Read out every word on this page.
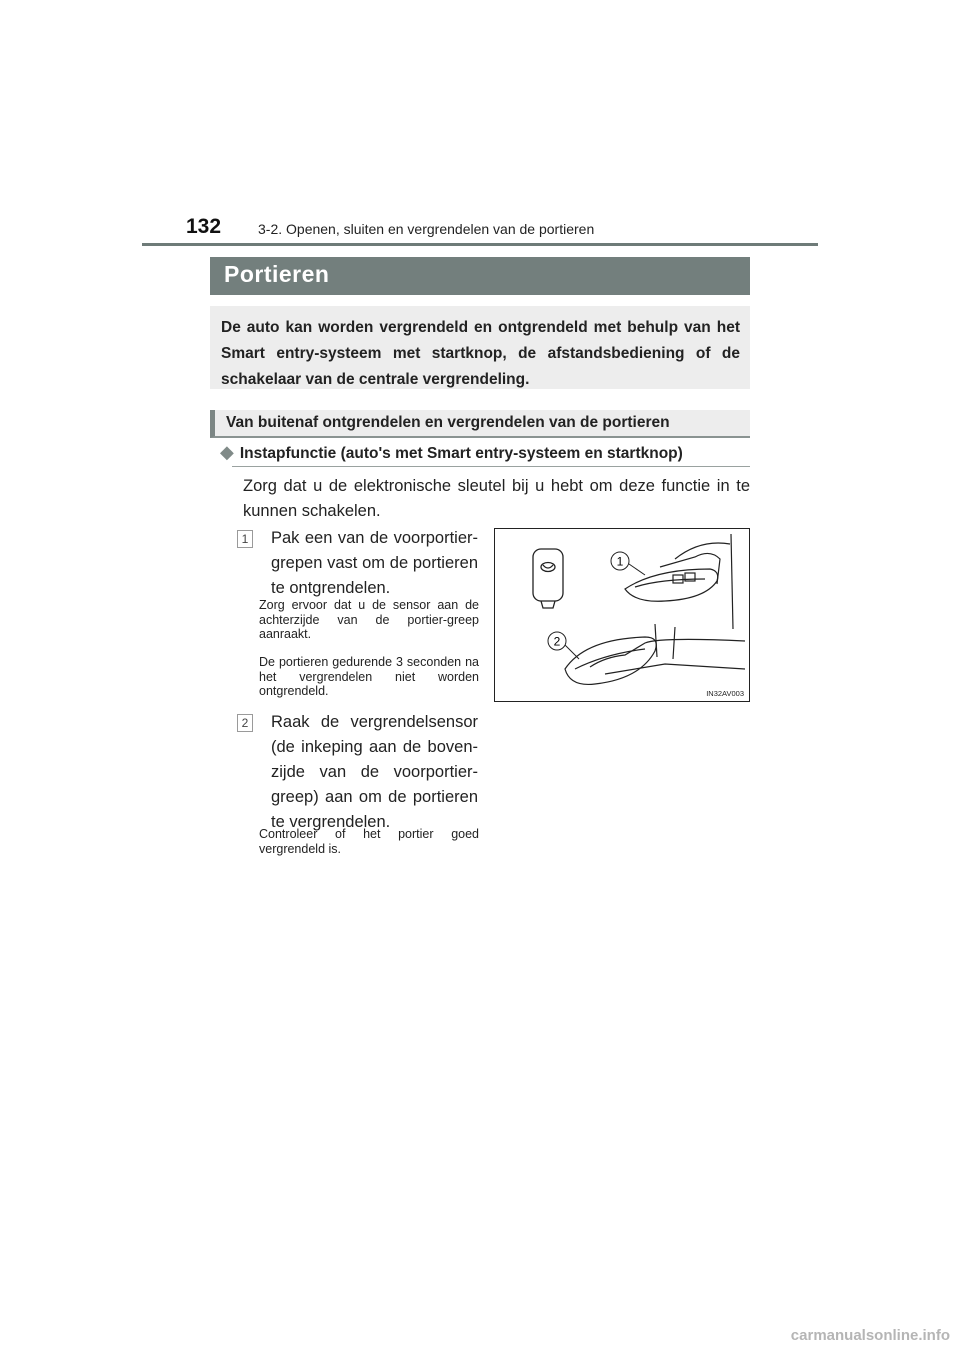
132	3-2. Openen, sluiten en vergrendelen van de portieren
Portieren
De auto kan worden vergrendeld en ontgrendeld met behulp van het Smart entry-systeem met startknop, de afstandsbediening of de schakelaar van de centrale vergrendeling.
Van buitenaf ontgrendelen en vergrendelen van de portieren
◆ Instapfunctie (auto's met Smart entry-systeem en startknop)
Zorg dat u de elektronische sleutel bij u hebt om deze functie in te kunnen schakelen.
1 Pak een van de voorportier-grepen vast om de portieren te ontgrendelen.
Zorg ervoor dat u de sensor aan de achterzijde van de portier-greep aanraakt.
De portieren gedurende 3 seconden na het vergrendelen niet worden ontgrendeld.
2 Raak de vergrendelsensor (de inkeping aan de boven-zijde van de voorportier-greep) aan om de portieren te vergrendelen.
Controleer of het portier goed vergrendeld is.
1
2
IN32AV003
carmanualsonline.info
